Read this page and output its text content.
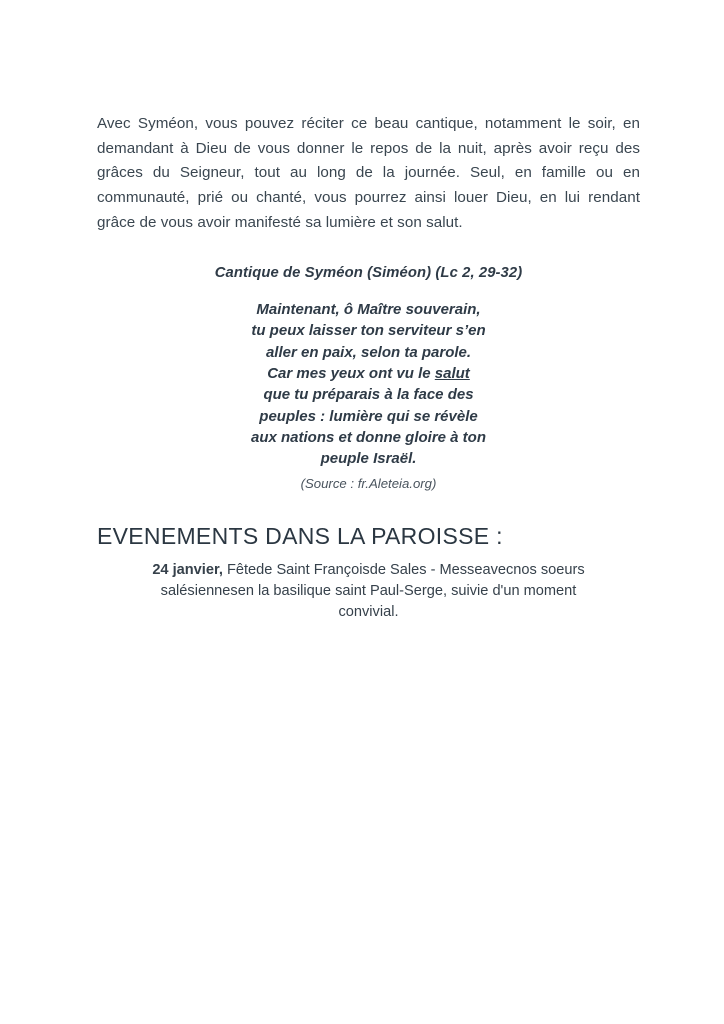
Avec Syméon, vous pouvez réciter ce beau cantique, notamment le soir, en demandant à Dieu de vous donner le repos de la nuit, après avoir reçu des grâces du Seigneur, tout au long de la journée. Seul, en famille ou en communauté, prié ou chanté, vous pourrez ainsi louer Dieu, en lui rendant grâce de vous avoir manifesté sa lumière et son salut.

Cantique de Syméon (Siméon) (Lc 2, 29-32)

Maintenant, ô Maître souverain,
tu peux laisser ton serviteur s’en
aller en paix, selon ta parole.
Car mes yeux ont vu le salut
que tu préparais à la face des
peuples : lumière qui se révèle
aux nations et donne gloire à ton
peuple Israël.

(Source : fr.Aleteia.org)

EVENEMENTS DANS LA PAROISSE :

24 janvier, Fêtede Saint Françoisde Sales - Messeavecnos soeurs salésiennesen la basilique saint Paul-Serge, suivie d'un moment convivial.
